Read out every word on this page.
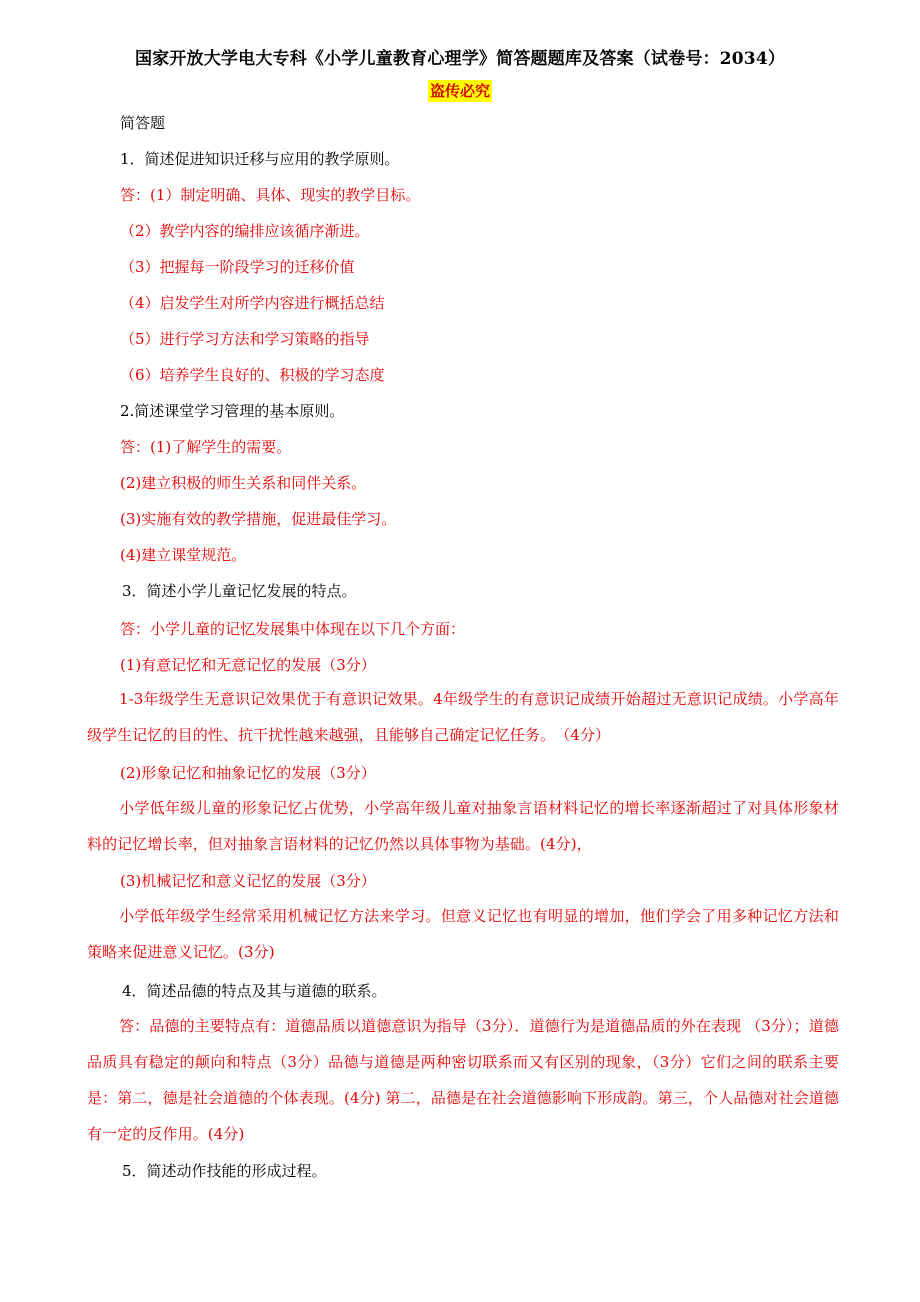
国家开放大学电大专科《小学儿童教育心理学》简答题题库及答案（试卷号：2034）
盗传必究
简答题
1．简述促进知识迁移与应用的教学原则。
答：(1）制定明确、具体、现实的教学目标。
（2）教学内容的编排应该循序渐进。
（3）把握每一阶段学习的迁移价值
（4）启发学生对所学内容进行概括总结
（5）进行学习方法和学习策略的指导
（6）培养学生良好的、积极的学习态度
2.简述课堂学习管理的基本原则。
答：(1)了解学生的需要。
(2)建立积极的师生关系和同伴关系。
(3)实施有效的教学措施，促进最佳学习。
(4)建立课堂规范。
3．简述小学儿童记忆发展的特点。
答：小学儿童的记忆发展集中体现在以下几个方面：
(1)有意记忆和无意记忆的发展（3分）
1-3年级学生无意识记效果优于有意识记效果。4年级学生的有意识记成绩开始超过无意识记成绩。小学高年级学生记忆的目的性、抗干扰性越来越强，且能够自己确定记忆任务。　（4分）
(2)形象记忆和抽象记忆的发展（3分）
小学低年级儿童的形象记忆占优势，小学高年级儿童对抽象言语材料记忆的增长率逐渐超过了对具体形象材料的记忆增长率，但对抽象言语材料的记忆仍然以具体事物为基础。(4分)，
(3)机械记忆和意义记忆的发展（3分）
小学低年级学生经常采用机械记忆方法来学习。但意义记忆也有明显的增加，他们学会了用多种记忆方法和策略来促进意义记忆。(3分)
4．简述品德的特点及其与道德的联系。
答：品德的主要特点有：道德品质以道德意识为指导（3分）．道德行为是道德品质的外在表现 （3分）；道德品质具有稳定的颠向和特点（3分）品德与道德是两种密切联系而又有区别的现象，（3分）它们之间的联系主要是：第二，德是社会道德的个体表现。(4分) 第二，品德是在社会道德影响下形成韵。第三，个人品德对社会道德有一定的反作用。(4分)
5．简述动作技能的形成过程。
